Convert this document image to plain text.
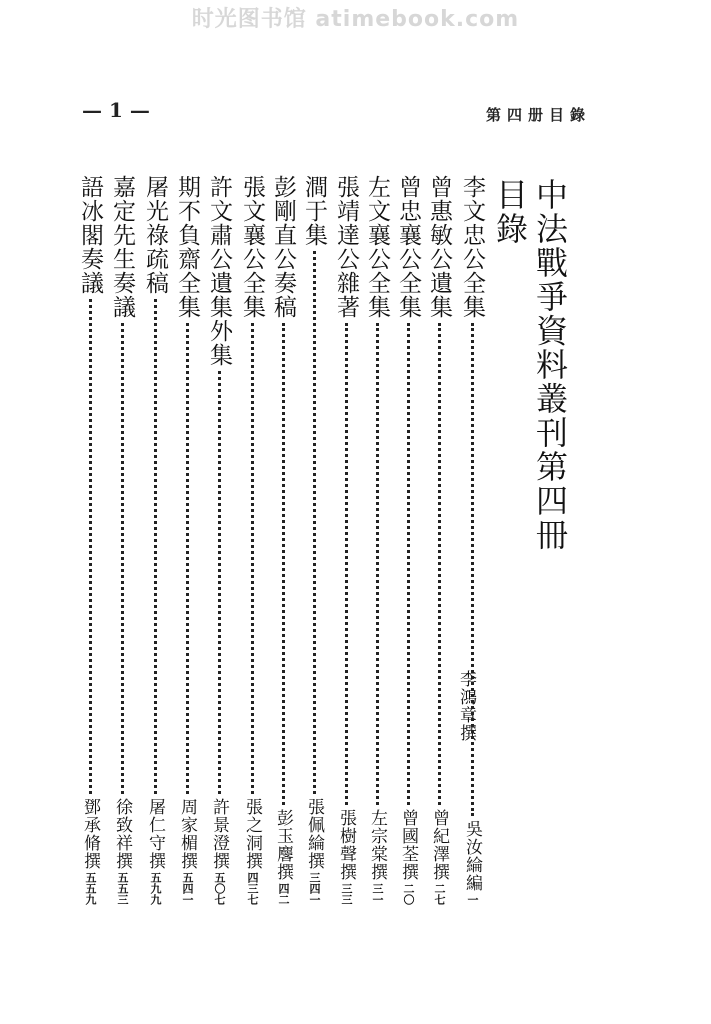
时光图书馆 atimebook.com
第四册目錄
— 1 —
中法戰爭資料叢刊第四冊目錄
李鴻章撰
李文忠公全集
吳汝綸編
一
曾惠敏公遺集
曾紀澤撰
二七
曾忠襄公全集
曾國荃撰
二〇
左文襄公全集
左宗棠撰
三一
張靖達公雜著
張樹聲撰
三三
澗于集
張佩綸撰
三四一
彭剛直公奏稿
彭玉麐撰
四二
張文襄公全集
張之洞撰
四三七
許文肅公遺集外集
許景澄撰
五〇七
期不負齋全集
周家楣撰
五四一
屠光祿疏稿
屠仁守撰
五九九
嘉定先生奏議
徐致祥撰
五五三
語冰閣奏議
鄧承脩撰
五五九
